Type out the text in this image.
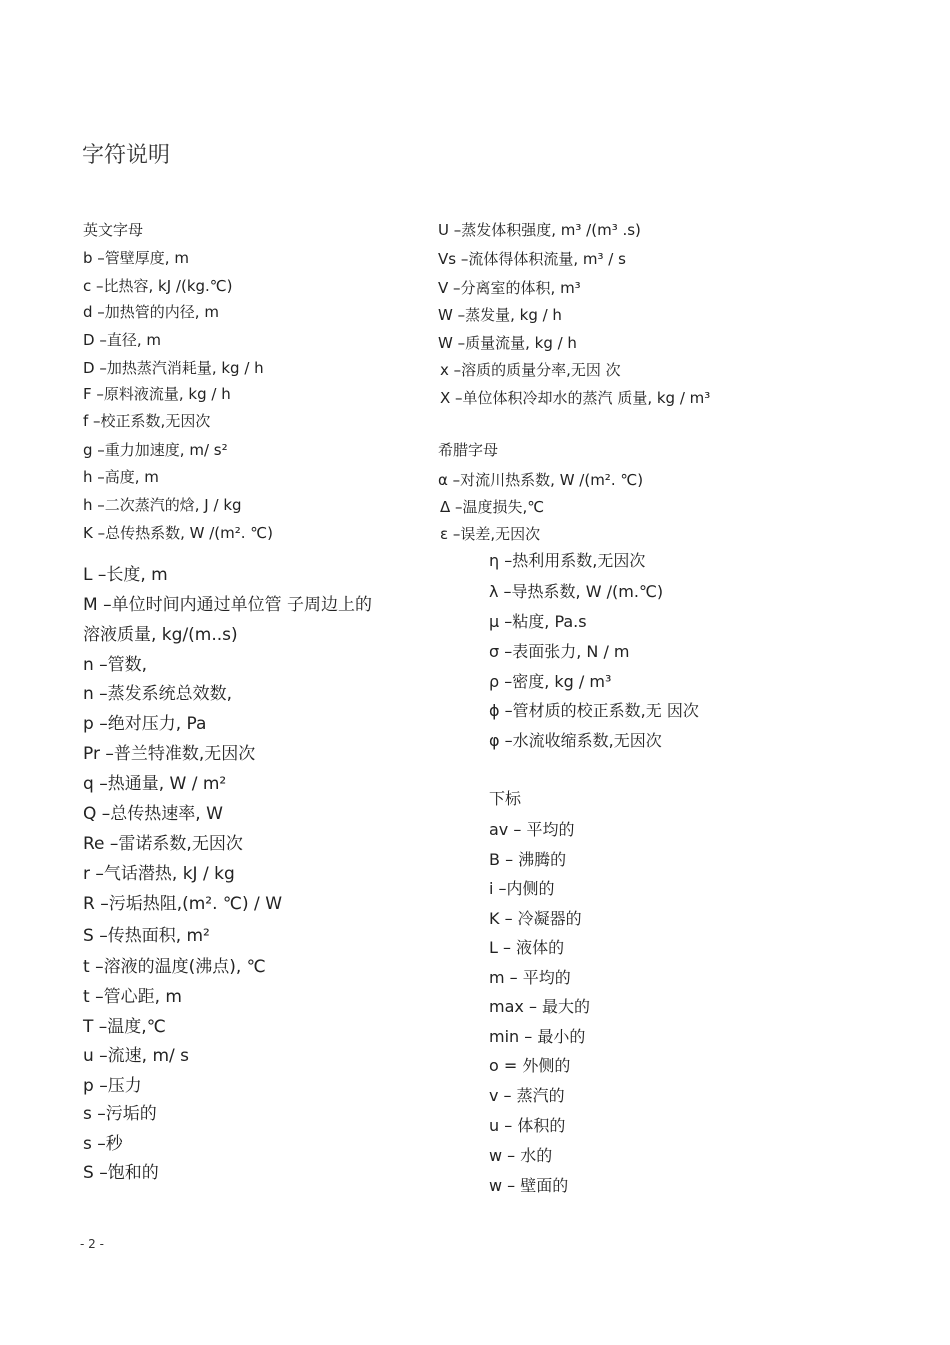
字符说明
英文字母
b –管壁厚度, m
c –比热容, kJ /(kg.℃)
d –加热管的内径, m
D –直径, m
D –加热蒸汽消耗量, kg / h
F –原料液流量, kg / h
f –校正系数,无因次
g –重力加速度, m/ s²
h –高度, m
h –二次蒸汽的焓, J / kg
K –总传热系数, W /(m². ℃)
L –长度, m
M –单位时间内通过单位管 子周边上的
溶液质量, kg/(m..s)
n –管数,
n –蒸发系统总效数,
p –绝对压力, Pa
Pr –普兰特准数,无因次
q –热通量, W / m²
Q –总传热速率, W
Re –雷诺系数,无因次
r –气话潜热, kJ / kg
R –污垢热阻,(m². ℃) / W
S –传热面积, m²
t –溶液的温度(沸点), ℃
t –管心距, m
T –温度,℃
u –流速, m/ s
p –压力
s –污垢的
s –秒
S –饱和的
U –蒸发体积强度, m³ /(m³ .s)
Vs –流体得体积流量, m³ / s
V –分离室的体积, m³
W –蒸发量, kg / h
W –质量流量, kg / h
x –溶质的质量分率,无因 次
X –单位体积冷却水的蒸汽 质量, kg / m³
希腊字母
α –对流川热系数, W /(m². ℃)
Δ –温度损失,℃
ε –误差,无因次
η –热利用系数,无因次
λ –导热系数, W /(m.℃)
μ –粘度, Pa.s
σ –表面张力, N / m
ρ –密度, kg / m³
ϕ –管材质的校正系数,无 因次
φ –水流收缩系数,无因次
下标
av – 平均的
B – 沸腾的
i –内侧的
K – 冷凝器的
L – 液体的
m – 平均的
max – 最大的
min – 最小的
o = 外侧的
v – 蒸汽的
u – 体积的
w – 水的
w – 壁面的
- 2 -
